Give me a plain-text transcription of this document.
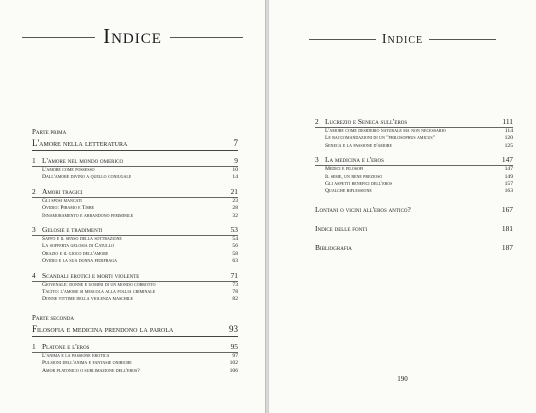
Indice
Parte prima
L'amore nella letteratura	7
1 L'amore nel mondo omerico	9
L'amore come possesso	10
Dall'amore divino a quello coniugale	14
2 Amori tragici	21
Gli sposi mancati	23
Ovidio: Piramo e Tisbe	28
Innamoramento e abbandono femminile	32
3 Gelosie e tradimenti	53
Saffo e il senso della sottrazione	54
La sofferta gelosia di Catullo	56
Orazio e il gioco dell'amore	58
Ovidio e la sua donna fedifraga	63
4 Scandali erotici e morti violente	71
Giovenale: donne e uomini di un mondo corrotto	73
Tacito: l'amore si mescola alla follia criminale	78
Donne vittime della violenza maschile	82
Parte seconda
Filosofia e medicina prendono la parola	93
1 Platone e l'eros	95
L'anima e la passione erotica	97
Pulsioni dell'anima e fantasie oniriche	102
Amor platonico o sublimazione dell'eros?	106
Indice
2 Lucrezio e Seneca sull'eros	111
L'amore come desiderio naturale ma non necessario	114
Le raccomandazioni di un "philosophus amicus"	120
Seneca e la passione d'amore	125
3 La medicina e l'eros	147
Medici e filosofi	147
Il seme, un bene prezioso	149
Gli aspetti benefici dell'eros	157
Qualche riflessione	163
Lontani o vicini all'eros antico?	167
Indice delle fonti	181
Bibliografia	187
190
